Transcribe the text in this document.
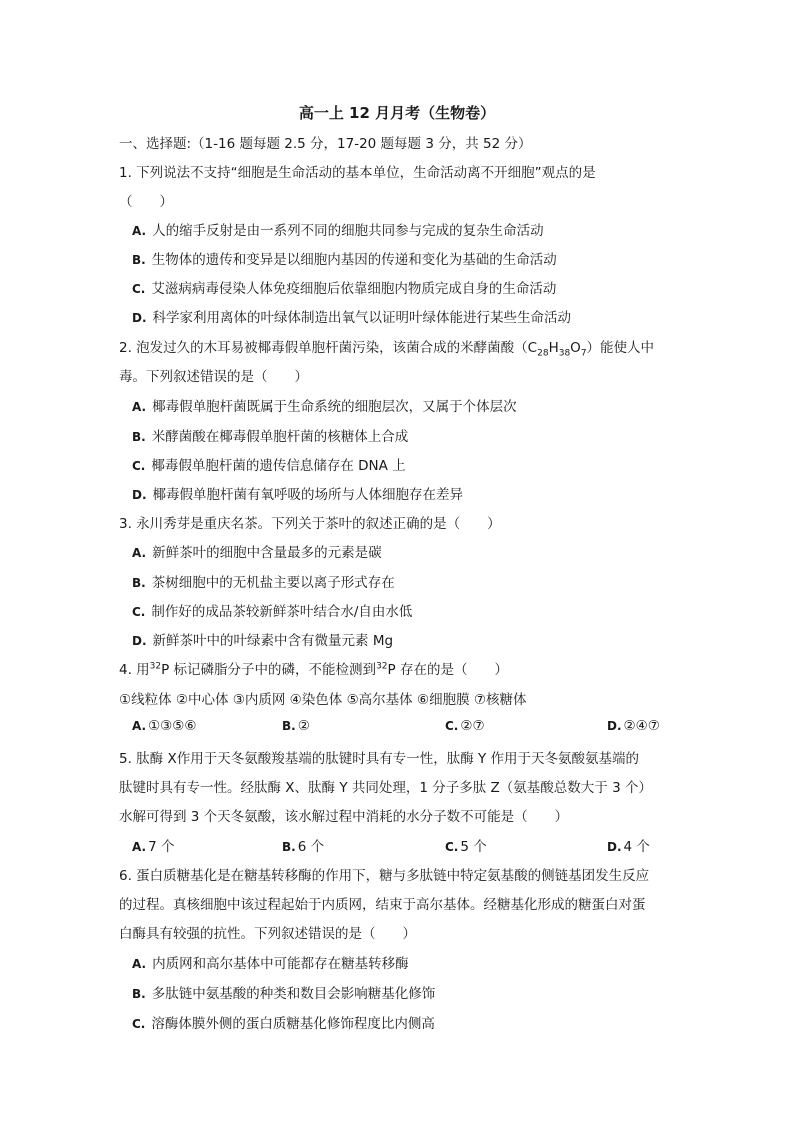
高一上 12 月月考（生物卷）
一、选择题:（1-16 题每题 2.5 分，17-20 题每题 3 分，共 52 分）
1. 下列说法不支持“细胞是生命活动的基本单位，生命活动离不开细胞”观点的是
（　　）
A. 人的缩手反射是由一系列不同的细胞共同参与完成的复杂生命活动
B. 生物体的遗传和变异是以细胞内基因的传递和变化为基础的生命活动
C. 艾滋病病毒侵染人体免疫细胞后依靠细胞内物质完成自身的生命活动
D. 科学家利用离体的叶绿体制造出氧气以证明叶绿体能进行某些生命活动
2. 泡发过久的木耳易被椰毒假单胞杆菌污染，该菌合成的米酵菌酸$(C_{28}H_{38}O_7)$能使人中
毒。下列叙述错误的是（　　）
A. 椰毒假单胞杆菌既属于生命系统的细胞层次，又属于个体层次
B. 米酵菌酸在椰毒假单胞杆菌的核糖体上合成
C. 椰毒假单胞杆菌的遗传信息储存在 DNA 上
D. 椰毒假单胞杆菌有氧呼吸的场所与人体细胞存在差异
3. 永川秀芽是重庆名茶。下列关于茶叶的叙述正确的是（　　）
A. 新鲜茶叶的细胞中含量最多的元素是碳
B. 茶树细胞中的无机盐主要以离子形式存在
C. 制作好的成品茶较新鲜茶叶结合水/自由水低
D. 新鲜茶叶中的叶绿素中含有微量元素 Mg
4. 用$^{32}$P 标记磷脂分子中的磷，不能检测到$^{32}$P 存在的是（　　）
①线粒体 ②中心体 ③内质网 ④染色体 ⑤高尔基体 ⑥细胞膜 ⑦核糖体
A. ①③⑤⑥	B. ②	C. ②⑦	D. ②④⑦
5. 肽酶 X作用于天冬氨酸羧基端的肽键时具有专一性，肽酶 Y 作用于天冬氨酸氨基端的
肽键时具有专一性。经肽酶 X、肽酶 Y 共同处理，1 分子多肽 Z（氨基酸总数大于 3 个）
水解可得到 3 个天冬氨酸，该水解过程中消耗的水分子数不可能是（　　）
A. 7 个	B. 6 个	C. 5 个	D. 4 个
6. 蛋白质糖基化是在糖基转移酶的作用下，糖与多肽链中特定氨基酸的侧链基团发生反应
的过程。真核细胞中该过程起始于内质网，结束于高尔基体。经糖基化形成的糖蛋白对蛋
白酶具有较强的抗性。下列叙述错误的是（　　）
A. 内质网和高尔基体中可能都存在糖基转移酶
B. 多肽链中氨基酸的种类和数目会影响糖基化修饰
C. 溶酶体膜外侧的蛋白质糖基化修饰程度比内侧高
